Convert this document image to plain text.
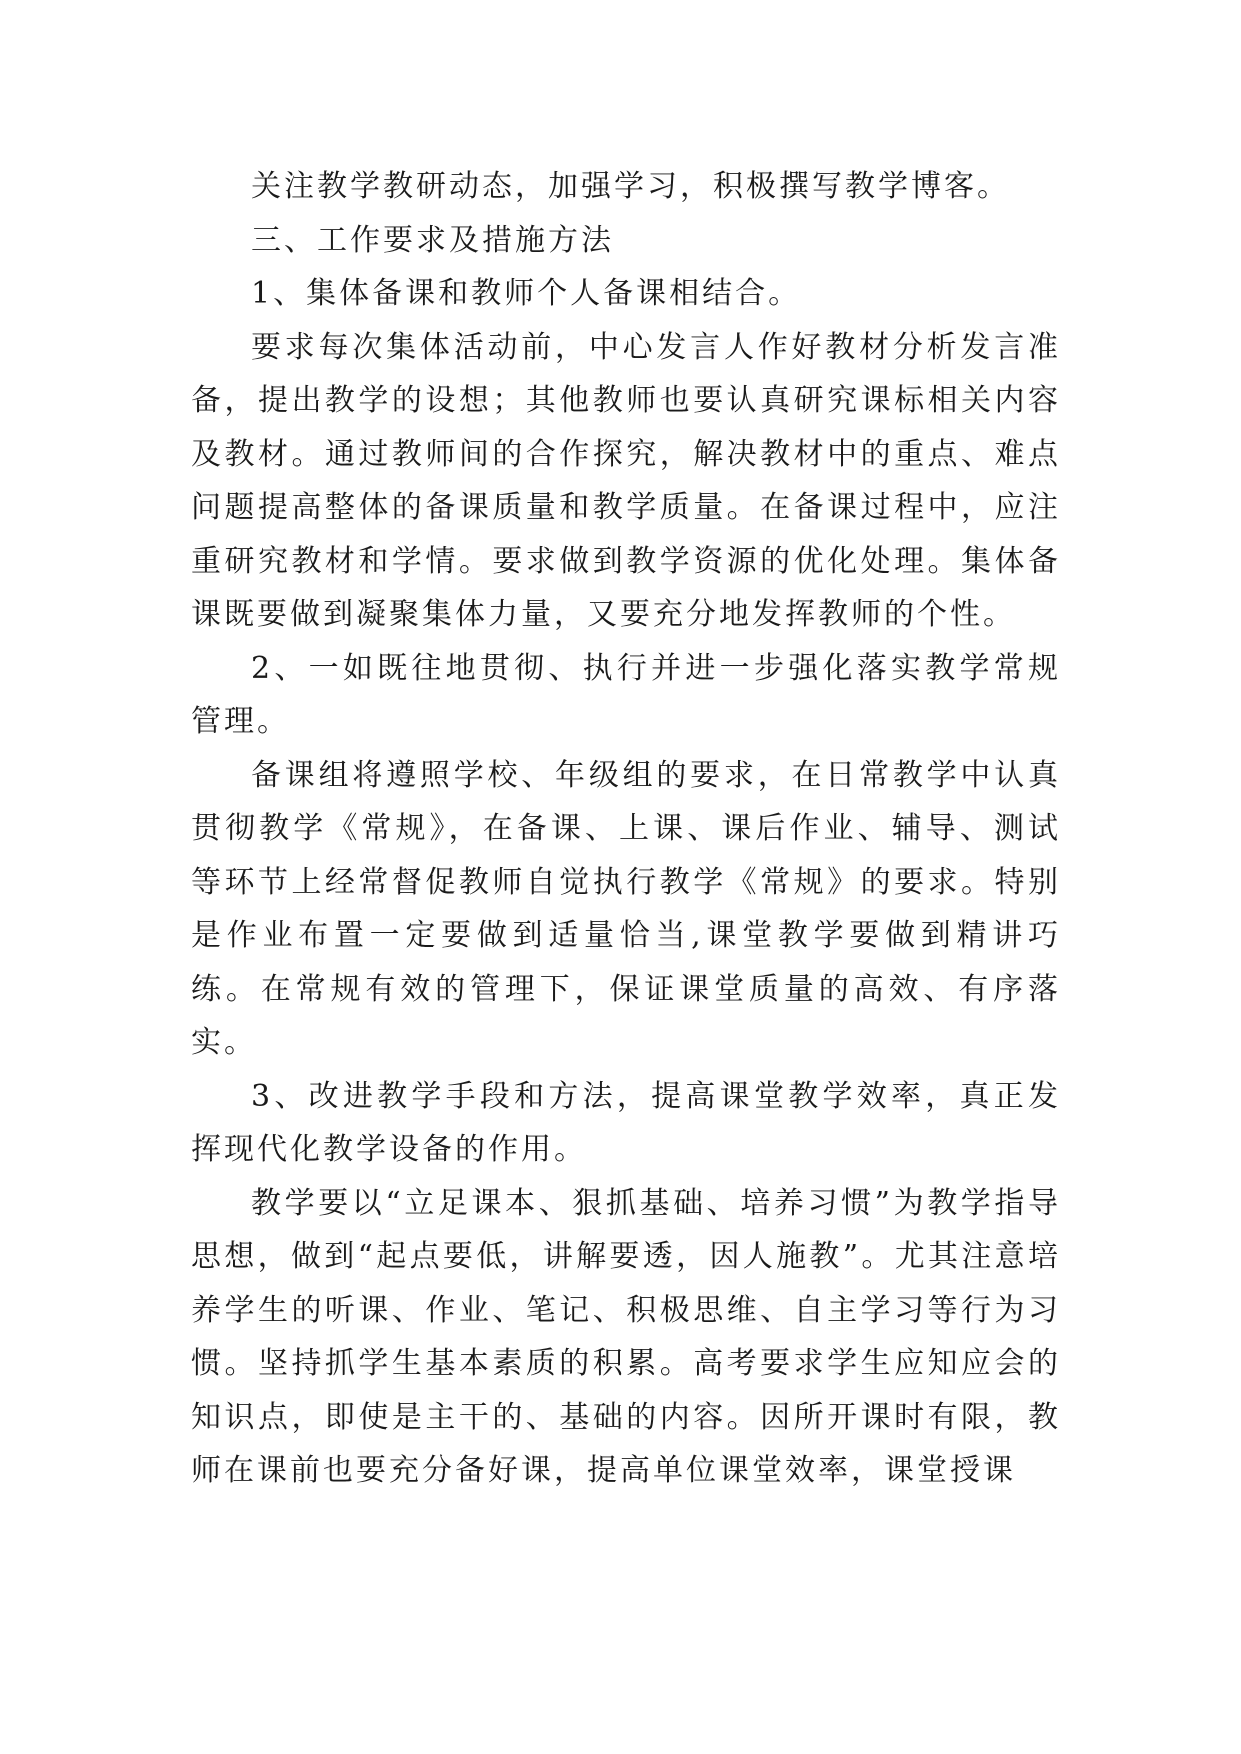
关注教学教研动态，加强学习，积极撰写教学博客。

三、工作要求及措施方法

1、集体备课和教师个人备课相结合。

要求每次集体活动前，中心发言人作好教材分析发言准备，提出教学的设想；其他教师也要认真研究课标相关内容及教材。通过教师间的合作探究，解决教材中的重点、难点问题提高整体的备课质量和教学质量。在备课过程中，应注重研究教材和学情。要求做到教学资源的优化处理。集体备课既要做到凝聚集体力量，又要充分地发挥教师的个性。

2、一如既往地贯彻、执行并进一步强化落实教学常规管理。

备课组将遵照学校、年级组的要求，在日常教学中认真贯彻教学《常规》，在备课、上课、课后作业、辅导、测试等环节上经常督促教师自觉执行教学《常规》的要求。特别是作业布置一定要做到适量恰当,课堂教学要做到精讲巧练。在常规有效的管理下，保证课堂质量的高效、有序落实。

3、改进教学手段和方法，提高课堂教学效率，真正发挥现代化教学设备的作用。

教学要以“立足课本、狠抓基础、培养习惯”为教学指导思想，做到“起点要低，讲解要透，因人施教”。尤其注意培养学生的听课、作业、笔记、积极思维、自主学习等行为习惯。坚持抓学生基本素质的积累。高考要求学生应知应会的知识点，即使是主干的、基础的内容。因所开课时有限，教师在课前也要充分备好课，提高单位课堂效率，课堂授课
